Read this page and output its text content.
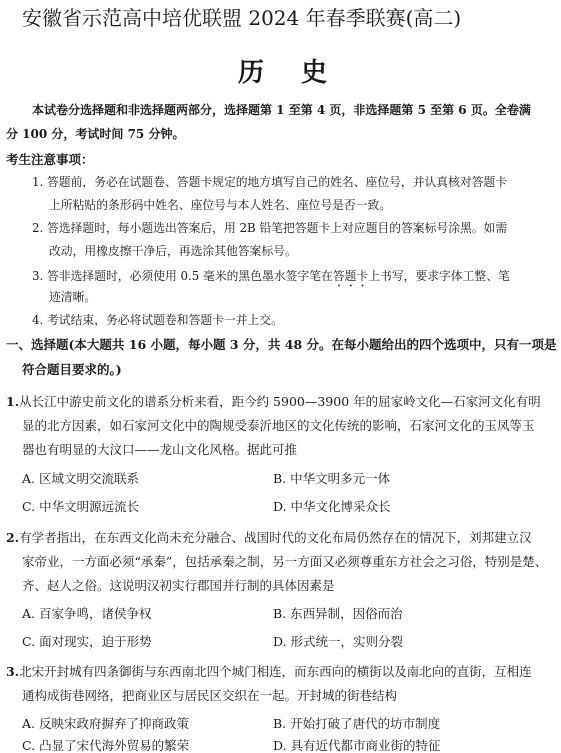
安徽省示范高中培优联盟 2024 年春季联赛(高二)
历 史
本试卷分选择题和非选择题两部分，选择题第 1 至第 4 页，非选择题第 5 至第 6 页。全卷满
分 100 分，考试时间 75 分钟。
考生注意事项：
1. 答题前，务必在试题卷、答题卡规定的地方填写自己的姓名、座位号，并认真核对答题卡
上所粘贴的条形码中姓名、座位号与本人姓名、座位号是否一致。
2. 答选择题时，每小题选出答案后，用 2B 铅笔把答题卡上对应题目的答案标号涂黑。如需
改动，用橡皮擦干净后，再选涂其他答案标号。
3. 答非选择题时，必须使用 0.5 毫米的黑色墨水签字笔在答题卡上书写，要求字体工整、笔
迹清晰。
4. 考试结束，务必将试题卷和答题卡一并上交。
一、选择题(本大题共 16 小题，每小题 3 分，共 48 分。在每小题给出的四个选项中，只有一项是
符合题目要求的。)
1.从长江中游史前文化的谱系分析来看，距今约 5900—3900 年的屈家岭文化—石家河文化有明
显的北方因素，如石家河文化中的陶规受泰沂地区的文化传统的影响，石家河文化的玉凤等玉
器也有明显的大汶口——龙山文化风格。据此可推
A. 区域文明交流联系	B. 中华文明多元一体
C. 中华文明源远流长	D. 中华文化博采众长
2.有学者指出，在东西文化尚未充分融合、战国时代的文化布局仍然存在的情况下，刘邦建立汉
家帝业，一方面必须“承秦”，包括承秦之制，另一方面又必须尊重东方社会之习俗，特别是楚、
齐、赵人之俗。这说明汉初实行郡国并行制的具体因素是
A. 百家争鸣，诸侯争权	B. 东西异制，因俗而治
C. 面对现实，迫于形势	D. 形式统一，实则分裂
3.北宋开封城有四条御街与东西南北四个城门相连，而东西向的横街以及南北向的直街，互相连
通构成街巷网络，把商业区与居民区交织在一起。开封城的街巷结构
A. 反映宋政府摒弃了抑商政策	B. 开始打破了唐代的坊市制度
C. 凸显了宋代海外贸易的繁荣	D. 具有近代都市商业街的特征
